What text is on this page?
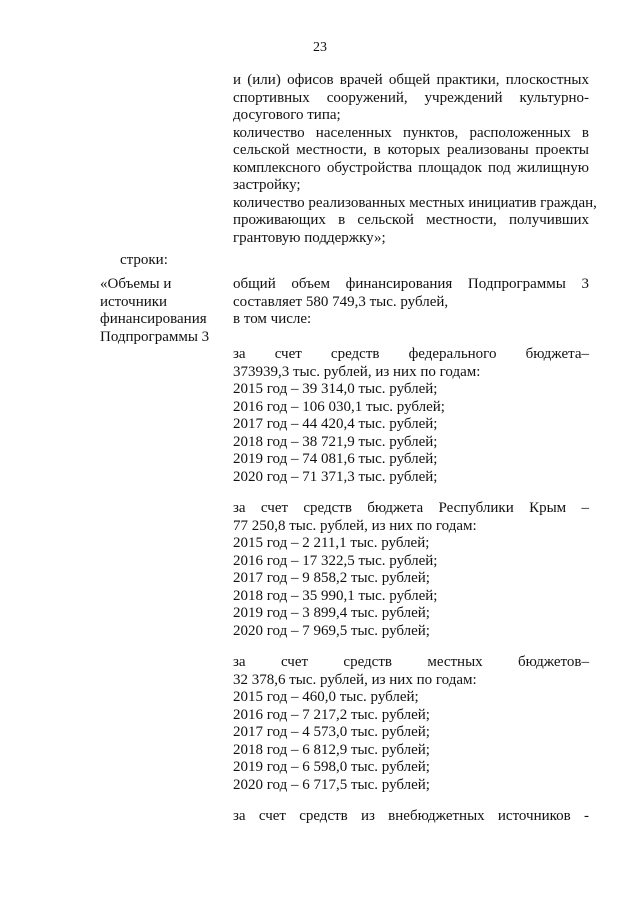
23
и (или) офисов врачей общей практики, плоскостных
спортивных сооружений, учреждений культурно-
досугового типа;
количество населенных пунктов, расположенных в
сельской местности, в которых реализованы проекты
комплексного обустройства площадок под жилищную
застройку;
количество реализованных местных инициатив граждан,
проживающих в сельской местности, получивших
грантовую поддержку»;
строки:
«Объемы и
источники
финансирования
Подпрограммы 3
общий объем финансирования Подпрограммы 3
составляет 580 749,3 тыс. рублей,
в том числе:
за счет средств федерального бюджета–
373939,3 тыс. рублей, из них по годам:
2015 год – 39 314,0 тыс. рублей;
2016 год – 106 030,1 тыс. рублей;
2017 год – 44 420,4 тыс. рублей;
2018 год – 38 721,9 тыс. рублей;
2019 год – 74 081,6 тыс. рублей;
2020 год – 71 371,3 тыс. рублей;
за счет средств бюджета Республики Крым –
77 250,8 тыс. рублей, из них по годам:
2015 год – 2 211,1 тыс. рублей;
2016 год – 17 322,5 тыс. рублей;
2017 год – 9 858,2 тыс. рублей;
2018 год – 35 990,1 тыс. рублей;
2019 год – 3 899,4 тыс. рублей;
2020 год – 7 969,5 тыс. рублей;
за счет средств местных бюджетов–
32 378,6 тыс. рублей, из них по годам:
2015 год – 460,0 тыс. рублей;
2016 год – 7 217,2 тыс. рублей;
2017 год – 4 573,0 тыс. рублей;
2018 год – 6 812,9 тыс. рублей;
2019 год – 6 598,0 тыс. рублей;
2020 год – 6 717,5 тыс. рублей;
за счет средств из внебюджетных источников -
